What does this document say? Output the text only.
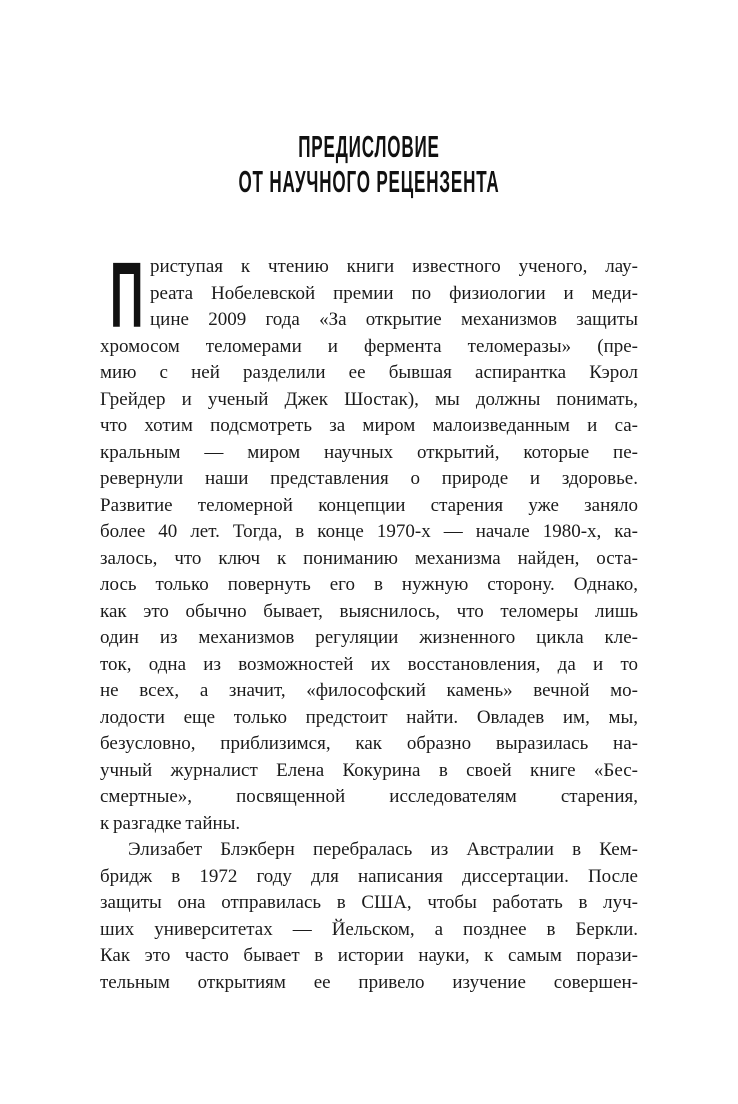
ПРЕДИСЛОВИЕ
ОТ НАУЧНОГО РЕЦЕНЗЕНТА
П риступая к чтению книги известного ученого, лау-
реата Нобелевской премии по физиологии и меди-
цине 2009 года «За открытие механизмов защиты
хромосом теломерами и фермента теломеразы» (пре-
мию с ней разделили ее бывшая аспирантка Кэрол
Грейдер и ученый Джек Шостак), мы должны понимать,
что хотим подсмотреть за миром малоизведанным и са-
кральным — миром научных открытий, которые пе-
ревернули наши представления о природе и здоровье.
Развитие теломерной концепции старения уже заняло
более 40 лет. Тогда, в конце 1970-х — начале 1980-х, ка-
залось, что ключ к пониманию механизма найден, оста-
лось только повернуть его в нужную сторону. Однако,
как это обычно бывает, выяснилось, что теломеры лишь
один из механизмов регуляции жизненного цикла кле-
ток, одна из возможностей их восстановления, да и то
не всех, а значит, «философский камень» вечной мо-
лодости еще только предстоит найти. Овладев им, мы,
безусловно, приблизимся, как образно выразилась на-
учный журналист Елена Кокурина в своей книге «Бес-
смертные», посвященной исследователям старения,
к разгадке тайны.
Элизабет Блэкберн перебралась из Австралии в Кем-
бридж в 1972 году для написания диссертации. После
защиты она отправилась в США, чтобы работать в луч-
ших университетах — Йельском, а позднее в Беркли.
Как это часто бывает в истории науки, к самым порази-
тельным открытиям ее привело изучение совершен-
